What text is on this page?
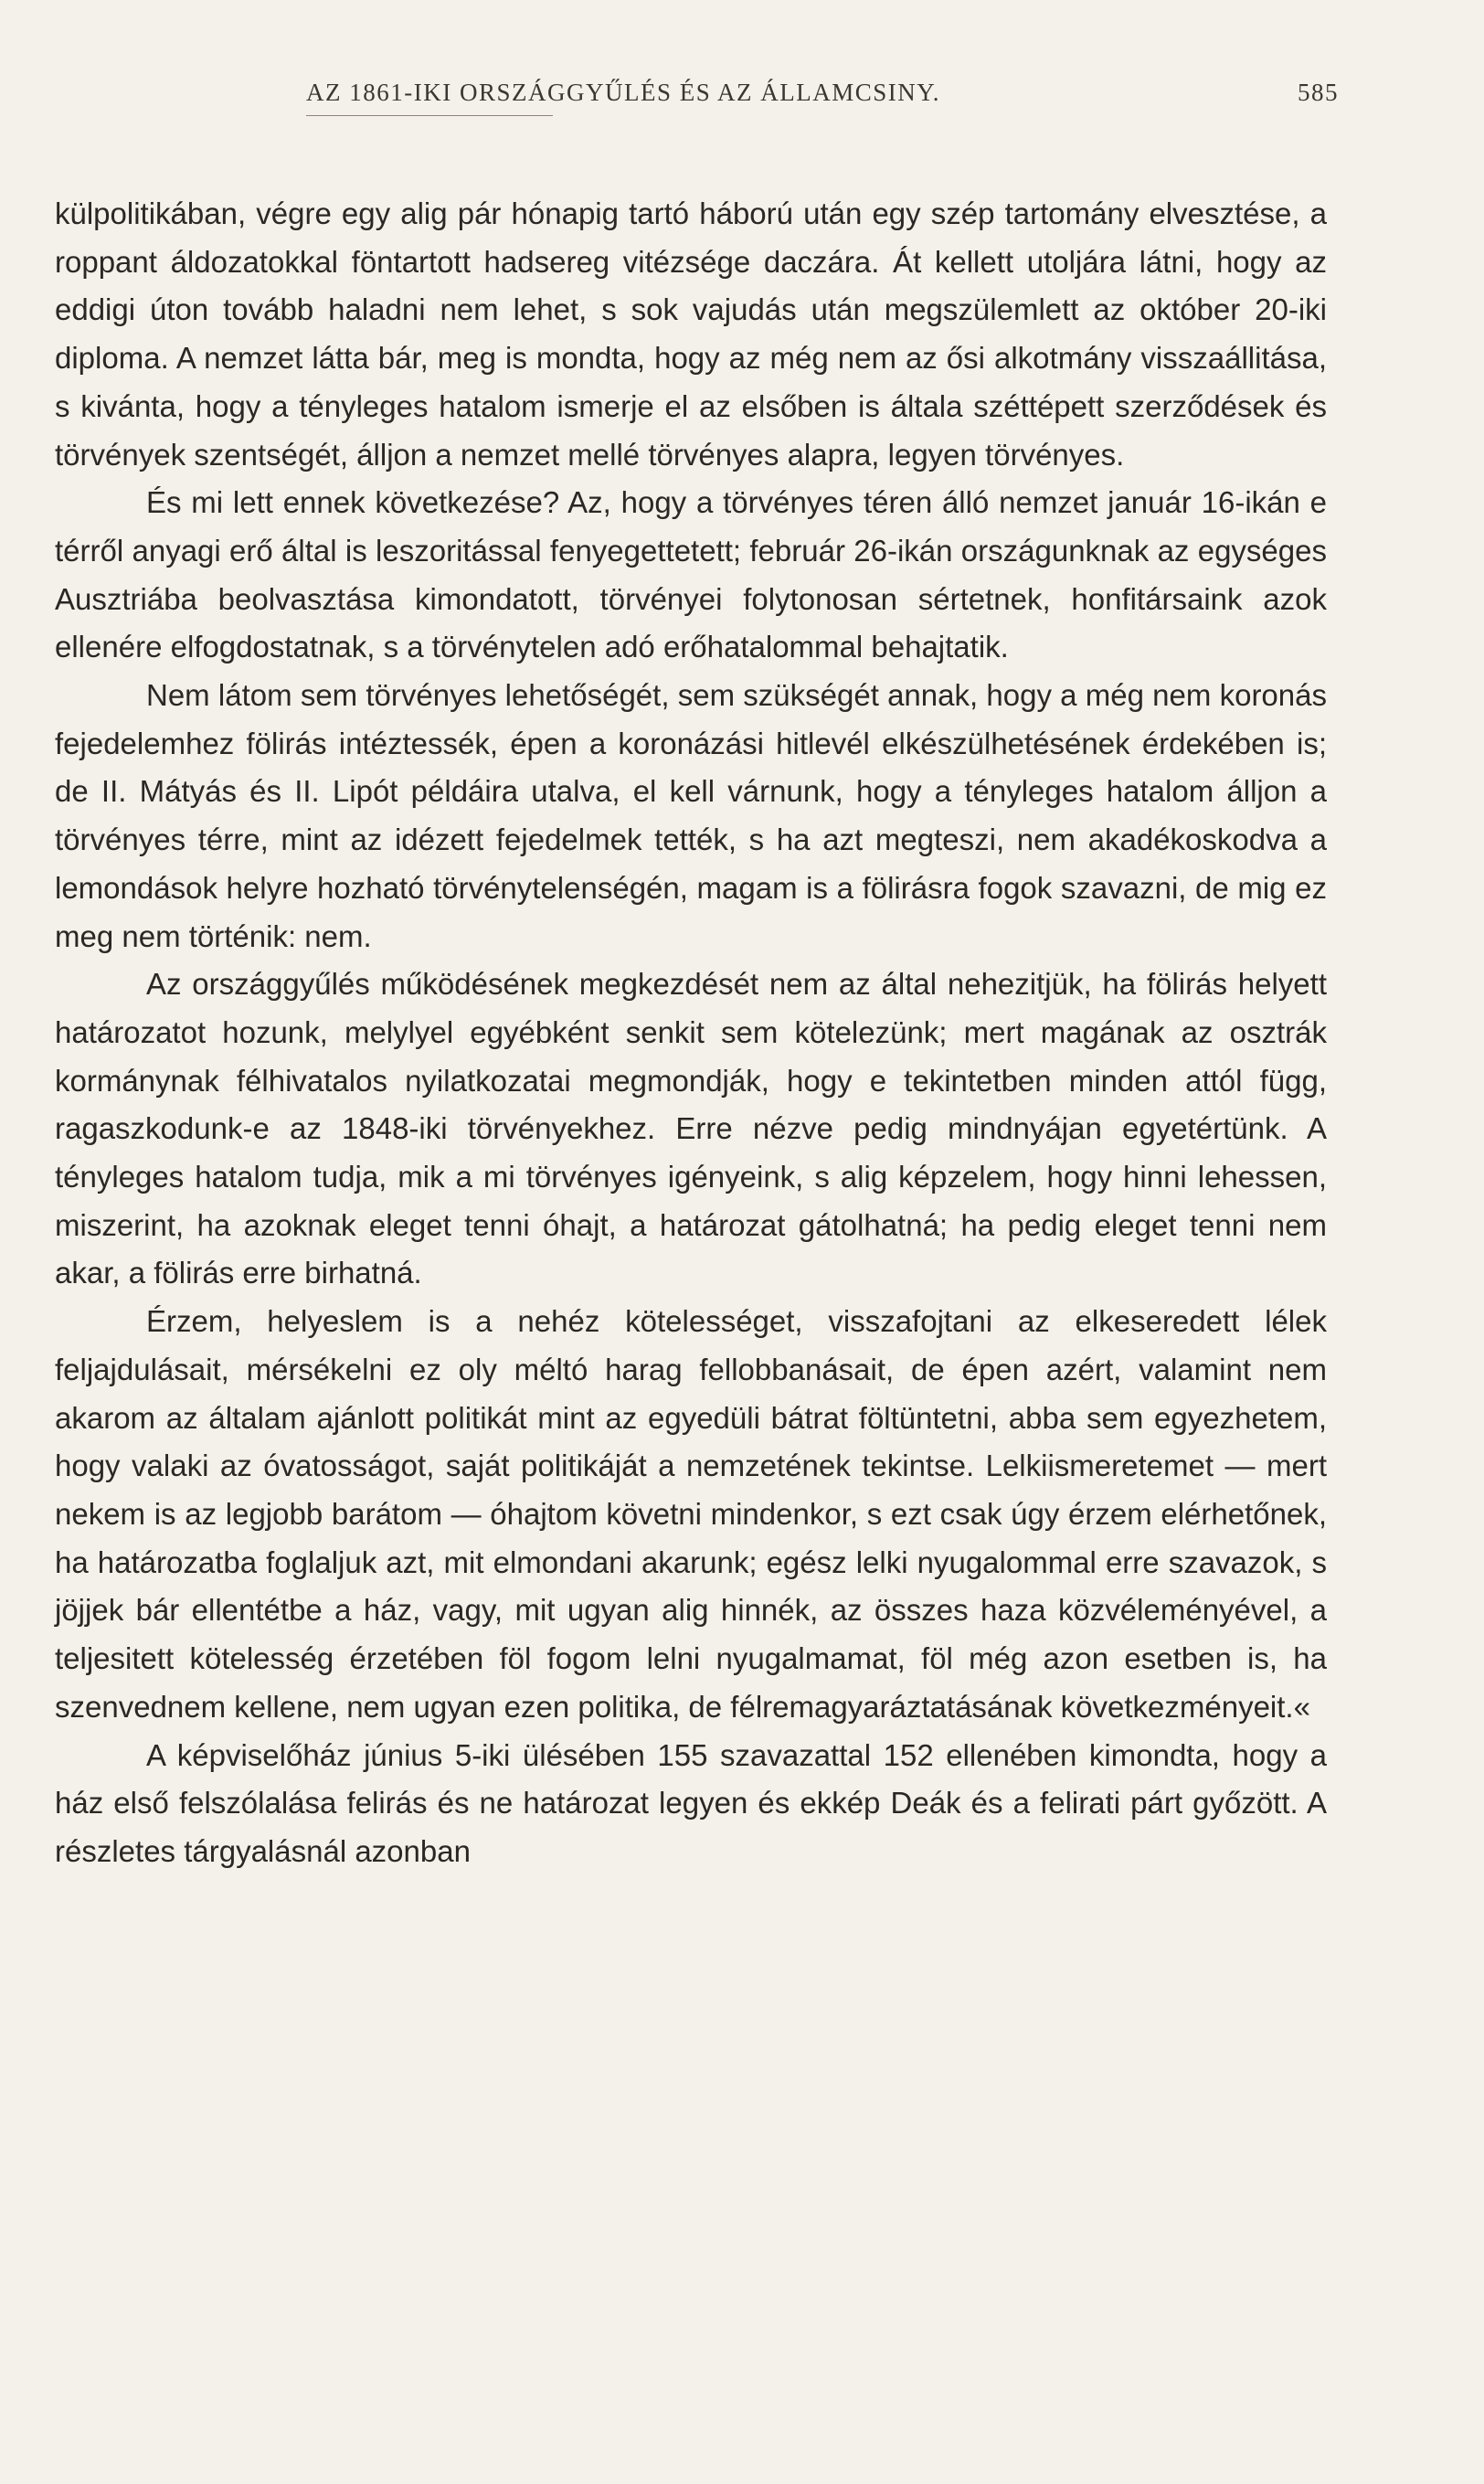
AZ 1861-IKI ORSZÁGGYŰLÉS ÉS AZ ÁLLAMCSINY.	585

külpolitikában, végre egy alig pár hónapig tartó háború után egy szép tartomány elvesztése, a roppant áldozatokkal föntartott hadsereg vitézsége daczára. Át kellett utoljára látni, hogy az eddigi úton tovább haladni nem lehet, s sok vajudás után megszülemlett az október 20-iki diploma. A nemzet látta bár, meg is mondta, hogy az még nem az ősi alkotmány visszaállitása, s kivánta, hogy a tényleges hatalom ismerje el az elsőben is általa széttépett szerződések és törvények szentségét, álljon a nemzet mellé törvényes alapra, legyen törvényes.

És mi lett ennek következése? Az, hogy a törvényes téren álló nemzet január 16-ikán e térről anyagi erő által is leszoritással fenyegettetett; február 26-ikán országunknak az egységes Ausztriába beolvasztása kimondatott, törvényei folytonosan sértetnek, honfitársaink azok ellenére elfogdostatnak, s a törvénytelen adó erőhatalommal behajtatik.

Nem látom sem törvényes lehetőségét, sem szükségét annak, hogy a még nem koronás fejedelemhez fölirás intéztessék, épen a koronázási hitlevél elkészülhetésének érdekében is; de II. Mátyás és II. Lipót példáira utalva, el kell várnunk, hogy a tényleges hatalom álljon a törvényes térre, mint az idézett fejedelmek tették, s ha azt megteszi, nem akadékoskodva a lemondások helyre hozható törvénytelenségén, magam is a fölirásra fogok szavazni, de mig ez meg nem történik: nem.

Az országgyűlés működésének megkezdését nem az által nehezitjük, ha fölirás helyett határozatot hozunk, melylyel egyébként senkit sem kötelezünk; mert magának az osztrák kormánynak félhivatalos nyilatkozatai megmondják, hogy e tekintetben minden attól függ, ragaszkodunk-e az 1848-iki törvényekhez. Erre nézve pedig mindnyájan egyetértünk. A tényleges hatalom tudja, mik a mi törvényes igényeink, s alig képzelem, hogy hinni lehessen, miszerint, ha azoknak eleget tenni óhajt, a határozat gátolhatná; ha pedig eleget tenni nem akar, a fölirás erre birhatná.

Érzem, helyeslem is a nehéz kötelességet, visszafojtani az elkeseredett lélek feljajdulásait, mérsékelni ez oly méltó harag fellobbanásait, de épen azért, valamint nem akarom az általam ajánlott politikát mint az egyedüli bátrat föltüntetni, abba sem egyezhetem, hogy valaki az óvatosságot, saját politikáját a nemzetének tekintse. Lelkiismeretemet — mert nekem is az legjobb barátom — óhajtom követni mindenkor, s ezt csak úgy érzem elérhetőnek, ha határozatba foglaljuk azt, mit elmondani akarunk; egész lelki nyugalommal erre szavazok, s jöjjek bár ellentétbe a ház, vagy, mit ugyan alig hinnék, az összes haza közvéleményével, a teljesitett kötelesség érzetében föl fogom lelni nyugalmamat, föl még azon esetben is, ha szenvednem kellene, nem ugyan ezen politika, de félremagyaráztatásának következményeit.«

A képviselőház június 5-iki ülésében 155 szavazattal 152 ellenében kimondta, hogy a ház első felszólalása felirás és ne határozat legyen és ekkép Deák és a feliratі párt győzött. A részletes tárgyalásnál azonban
